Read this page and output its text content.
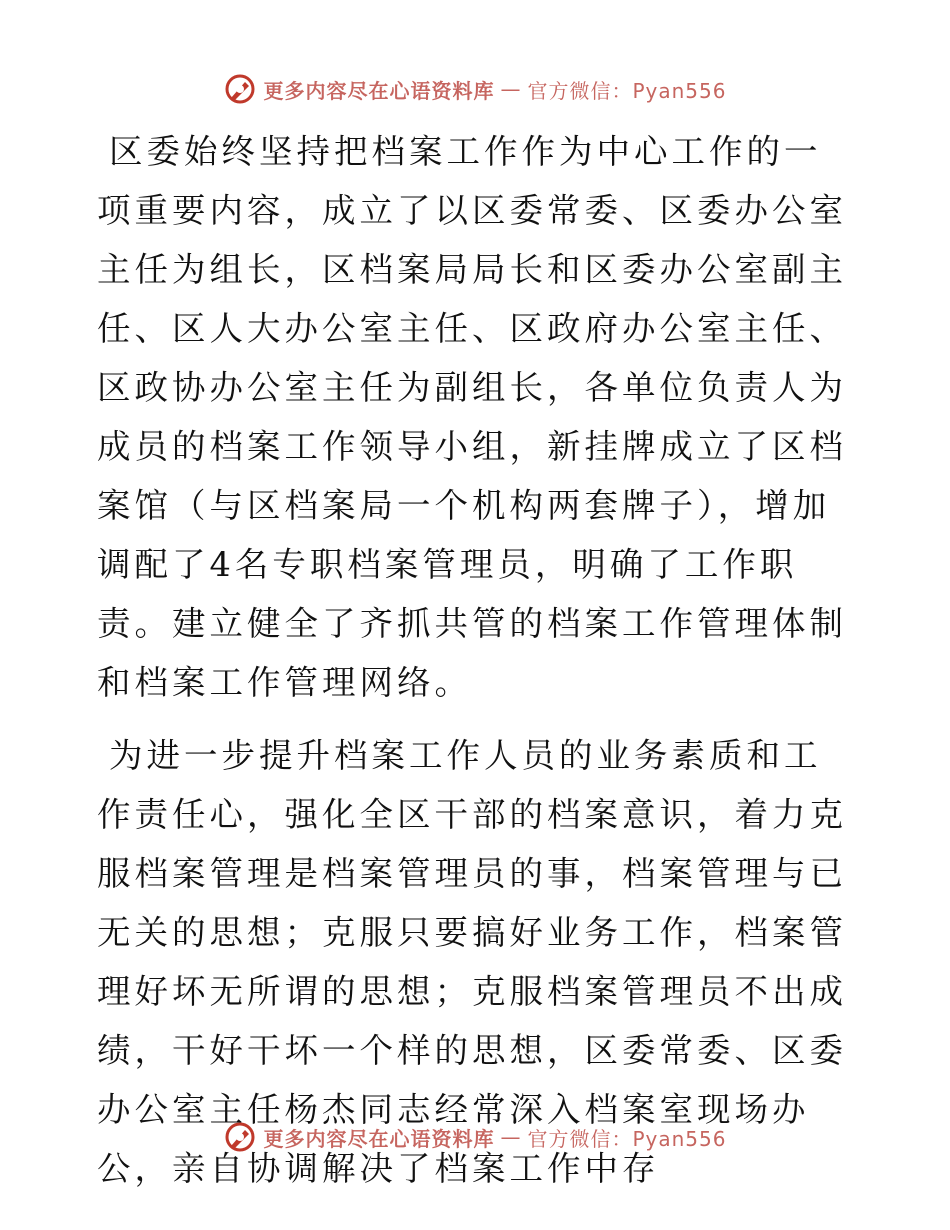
更多内容尽在心语资料库 — 官方微信：Pyan556

区委始终坚持把档案工作作为中心工作的一项重要内容，成立了以区委常委、区委办公室主任为组长，区档案局局长和区委办公室副主任、区人大办公室主任、区政府办公室主任、区政协办公室主任为副组长，各单位负责人为成员的档案工作领导小组，新挂牌成立了区档案馆（与区档案局一个机构两套牌子），增加调配了4名专职档案管理员，明确了工作职责。建立健全了齐抓共管的档案工作管理体制和档案工作管理网络。

为进一步提升档案工作人员的业务素质和工作责任心，强化全区干部的档案意识，着力克服档案管理是档案管理员的事，档案管理与已无关的思想；克服只要搞好业务工作，档案管理好坏无所谓的思想；克服档案管理员不出成绩，干好干坏一个样的思想，区委常委、区委办公室主任杨杰同志经常深入档案室现场办公，亲自协调解决了档案工作中存

更多内容尽在心语资料库 — 官方微信：Pyan556
